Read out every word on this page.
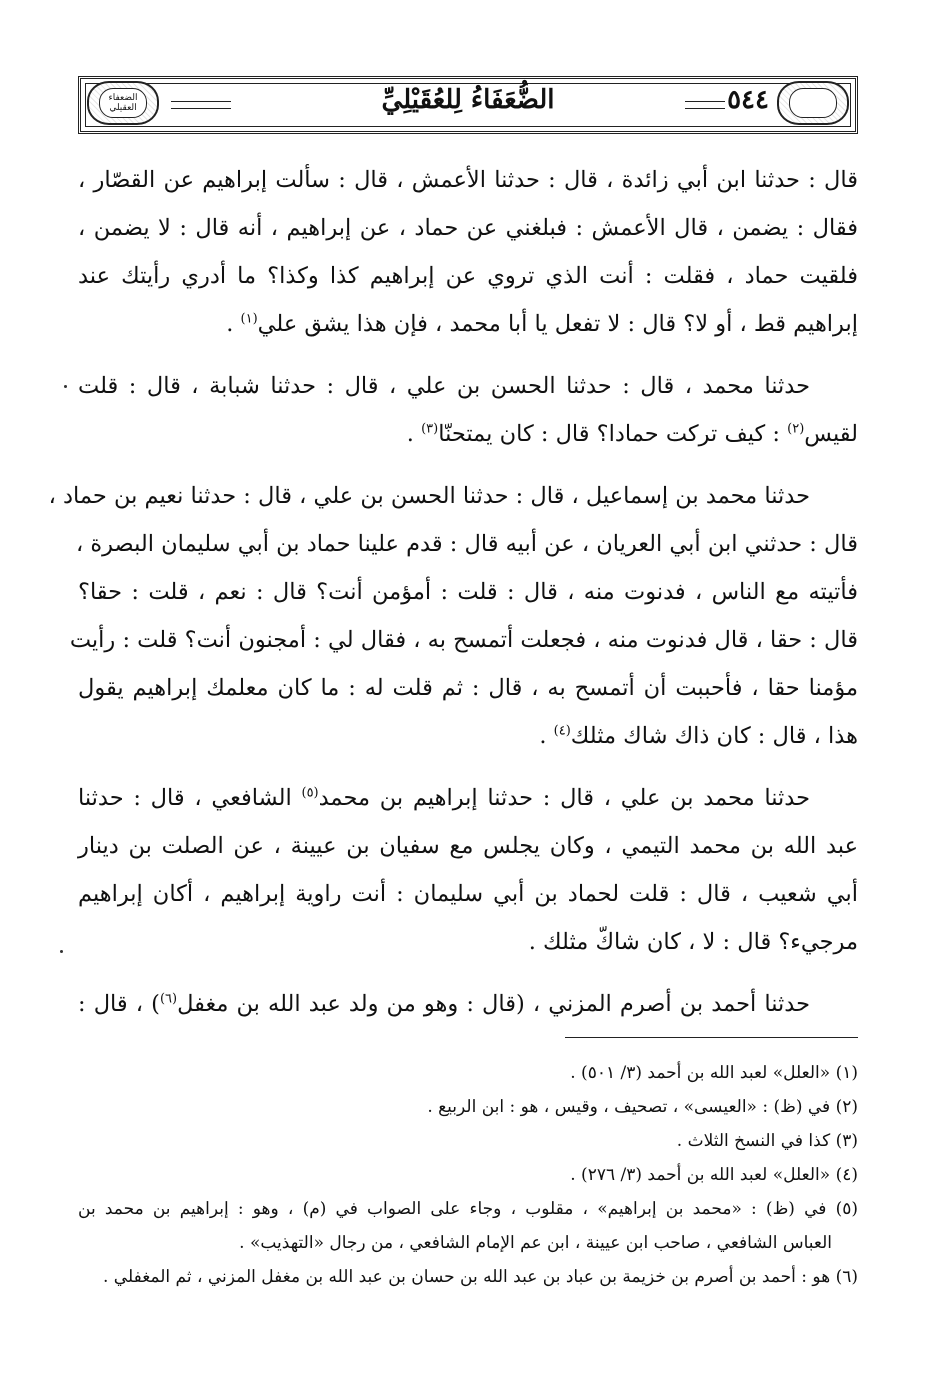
الضعفاء العقيلي	الضُّعَفَاءُ لِلعُقَيْلِيِّ	٥٤٤
قال : حدثنا ابن أبي زائدة ، قال : حدثنا الأعمش ، قال : سألت إبراهيم عن القصّار ،
فقال : يضمن ، قال الأعمش : فبلغني عن حماد ، عن إبراهيم ، أنه قال : لا يضمن ،
فلقيت حماد ، فقلت : أنت الذي تروي عن إبراهيم كذا وكذا؟ ما أدري رأيتك عند
إبراهيم قط ، أو لا؟ قال : لا تفعل يا أبا محمد ، فإن هذا يشق علي$^{(١)}$ .
حدثنا محمد ، قال : حدثنا الحسن بن علي ، قال : حدثنا شبابة ، قال : قلت
لقيس$^{(٢)}$ : كيف تركت حمادا؟ قال : كان يمتحنّا$^{(٣)}$ .
حدثنا محمد بن إسماعيل ، قال : حدثنا الحسن بن علي ، قال : حدثنا نعيم بن حماد ،
قال : حدثني ابن أبي العريان ، عن أبيه قال : قدم علينا حماد بن أبي سليمان البصرة ،
فأتيته مع الناس ، فدنوت منه ، قال : قلت : أمؤمن أنت؟ قال : نعم ، قلت : حقا؟
قال : حقا ، قال فدنوت منه ، فجعلت أتمسح به ، فقال لي : أمجنون أنت؟ قلت : رأيت
مؤمنا حقا ، فأحببت أن أتمسح به ، قال : ثم قلت له : ما كان معلمك إبراهيم يقول
هذا ، قال : كان ذاك شاك مثلك$^{(٤)}$ .
حدثنا محمد بن علي ، قال : حدثنا إبراهيم بن محمد$^{(٥)}$ الشافعي ، قال : حدثنا
عبد الله بن محمد التيمي ، وكان يجلس مع سفيان بن عيينة ، عن الصلت بن دينار
أبي شعيب ، قال : قلت لحماد بن أبي سليمان : أنت راوية إبراهيم ، أكان إبراهيم
مرجيء؟ قال : لا ، كان شاكّ مثلك .
حدثنا أحمد بن أصرم المزني ، (قال : وهو من ولد عبد الله بن مغفل$^{(٦)}$) ، قال :
(١) «العلل» لعبد الله بن أحمد (٣/ ٥٠١) .
(٢) في (ظ) : «العيسى» ، تصحيف ، وقيس ، هو : ابن الربيع .
(٣) كذا في النسخ الثلاث .
(٤) «العلل» لعبد الله بن أحمد (٣/ ٢٧٦) .
(٥) في (ظ) : «محمد بن إبراهيم» ، مقلوب ، وجاء على الصواب في (م) ، وهو : إبراهيم بن محمد بن
العباس الشافعي ، صاحب ابن عيينة ، ابن عم الإمام الشافعي ، من رجال «التهذيب» .
(٦) هو : أحمد بن أصرم بن خزيمة بن عباد بن عبد الله بن حسان بن عبد الله بن مغفل المزني ، ثم المغفلي .
